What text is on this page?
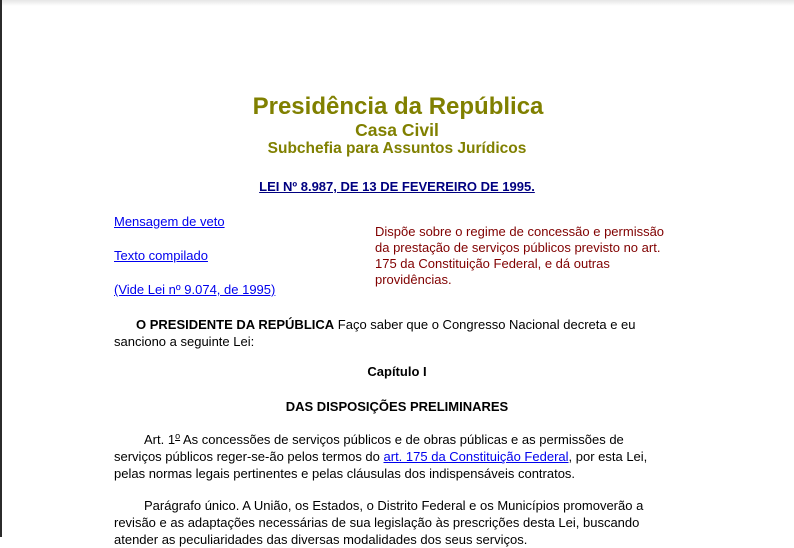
Presidência da República
Casa Civil
Subchefia para Assuntos Jurídicos
LEI Nº 8.987, DE 13 DE FEVEREIRO DE 1995.
Mensagem de veto
Texto compilado
(Vide Lei nº 9.074, de 1995)
Dispõe sobre o regime de concessão e permissão da prestação de serviços públicos previsto no art. 175 da Constituição Federal, e dá outras providências.
O PRESIDENTE DA REPÚBLICA Faço saber que o Congresso Nacional decreta e eu sanciono a seguinte Lei:
Capítulo I
DAS DISPOSIÇÕES PRELIMINARES
Art. 1$^o$ As concessões de serviços públicos e de obras públicas e as permissões de serviços públicos reger-se-ão pelos termos do art. 175 da Constituição Federal, por esta Lei, pelas normas legais pertinentes e pelas cláusulas dos indispensáveis contratos.
Parágrafo único. A União, os Estados, o Distrito Federal e os Municípios promoverão a revisão e as adaptações necessárias de sua legislação às prescrições desta Lei, buscando atender as peculiaridades das diversas modalidades dos seus serviços.
